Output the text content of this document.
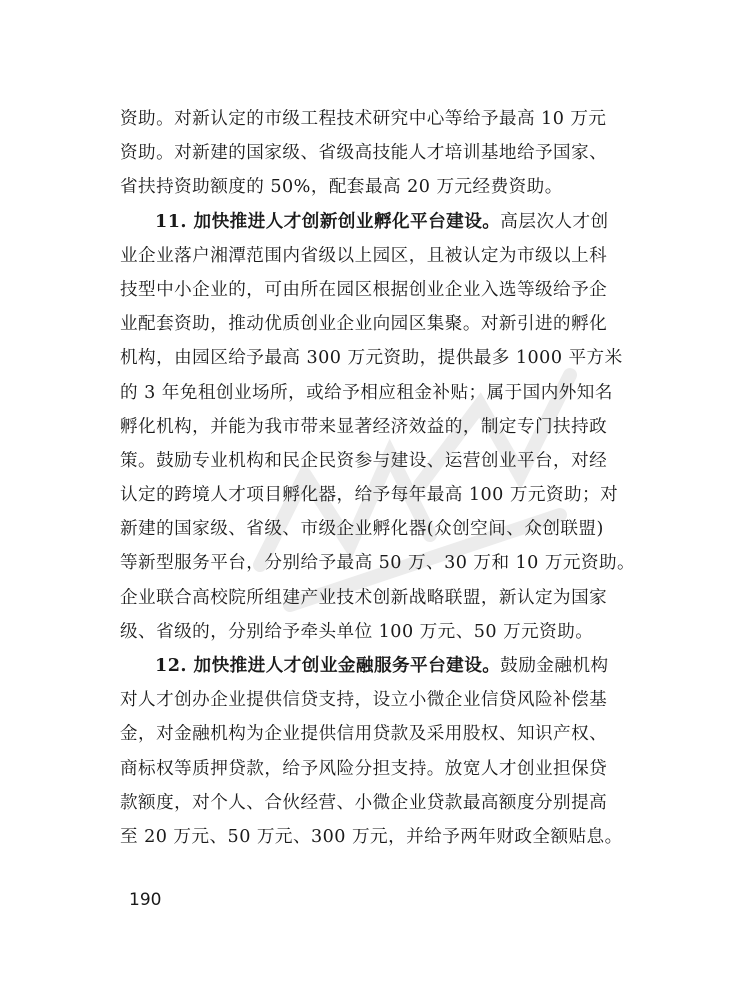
资助。对新认定的市级工程技术研究中心等给予最高 10 万元
资助。对新建的国家级、省级高技能人才培训基地给予国家、
省扶持资助额度的 50%，配套最高 20 万元经费资助。
11. 加快推进人才创新创业孵化平台建设。高层次人才创
业企业落户湘潭范围内省级以上园区，且被认定为市级以上科
技型中小企业的，可由所在园区根据创业企业入选等级给予企
业配套资助，推动优质创业企业向园区集聚。对新引进的孵化
机构，由园区给予最高 300 万元资助，提供最多 1000 平方米
的 3 年免租创业场所，或给予相应租金补贴；属于国内外知名
孵化机构，并能为我市带来显著经济效益的，制定专门扶持政
策。鼓励专业机构和民企民资参与建设、运营创业平台，对经
认定的跨境人才项目孵化器，给予每年最高 100 万元资助；对
新建的国家级、省级、市级企业孵化器(众创空间、众创联盟)
等新型服务平台，分别给予最高 50 万、30 万和 10 万元资助。
企业联合高校院所组建产业技术创新战略联盟，新认定为国家
级、省级的，分别给予牵头单位 100 万元、50 万元资助。
12. 加快推进人才创业金融服务平台建设。鼓励金融机构
对人才创办企业提供信贷支持，设立小微企业信贷风险补偿基
金，对金融机构为企业提供信用贷款及采用股权、知识产权、
商标权等质押贷款，给予风险分担支持。放宽人才创业担保贷
款额度，对个人、合伙经营、小微企业贷款最高额度分别提高
至 20 万元、50 万元、300 万元，并给予两年财政全额贴息。
190
